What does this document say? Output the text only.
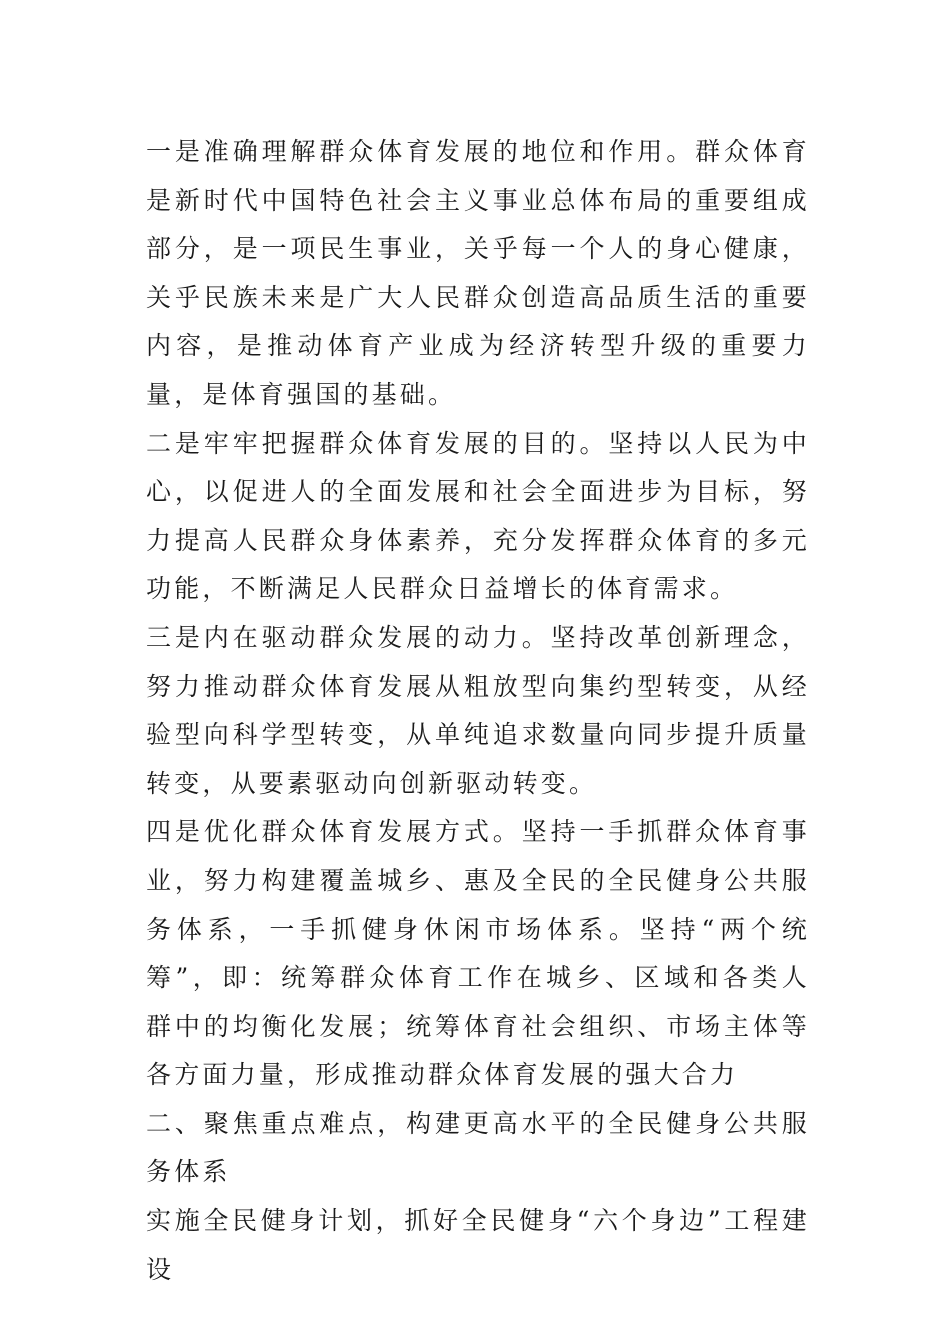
一是准确理解群众体育发展的地位和作用。群众体育是新时代中国特色社会主义事业总体布局的重要组成部分，是一项民生事业，关乎每一个人的身心健康，关乎民族未来是广大人民群众创造高品质生活的重要内容，是推动体育产业成为经济转型升级的重要力量，是体育强国的基础。

二是牢牢把握群众体育发展的目的。坚持以人民为中心，以促进人的全面发展和社会全面进步为目标，努力提高人民群众身体素养，充分发挥群众体育的多元功能，不断满足人民群众日益增长的体育需求。

三是内在驱动群众发展的动力。坚持改革创新理念，努力推动群众体育发展从粗放型向集约型转变，从经验型向科学型转变，从单纯追求数量向同步提升质量转变，从要素驱动向创新驱动转变。

四是优化群众体育发展方式。坚持一手抓群众体育事业，努力构建覆盖城乡、惠及全民的全民健身公共服务体系，一手抓健身休闲市场体系。坚持“两个统筹”，即：统筹群众体育工作在城乡、区域和各类人群中的均衡化发展；统筹体育社会组织、市场主体等各方面力量，形成推动群众体育发展的强大合力

二、聚焦重点难点，构建更高水平的全民健身公共服务体系

实施全民健身计划，抓好全民健身“六个身边”工程建设
